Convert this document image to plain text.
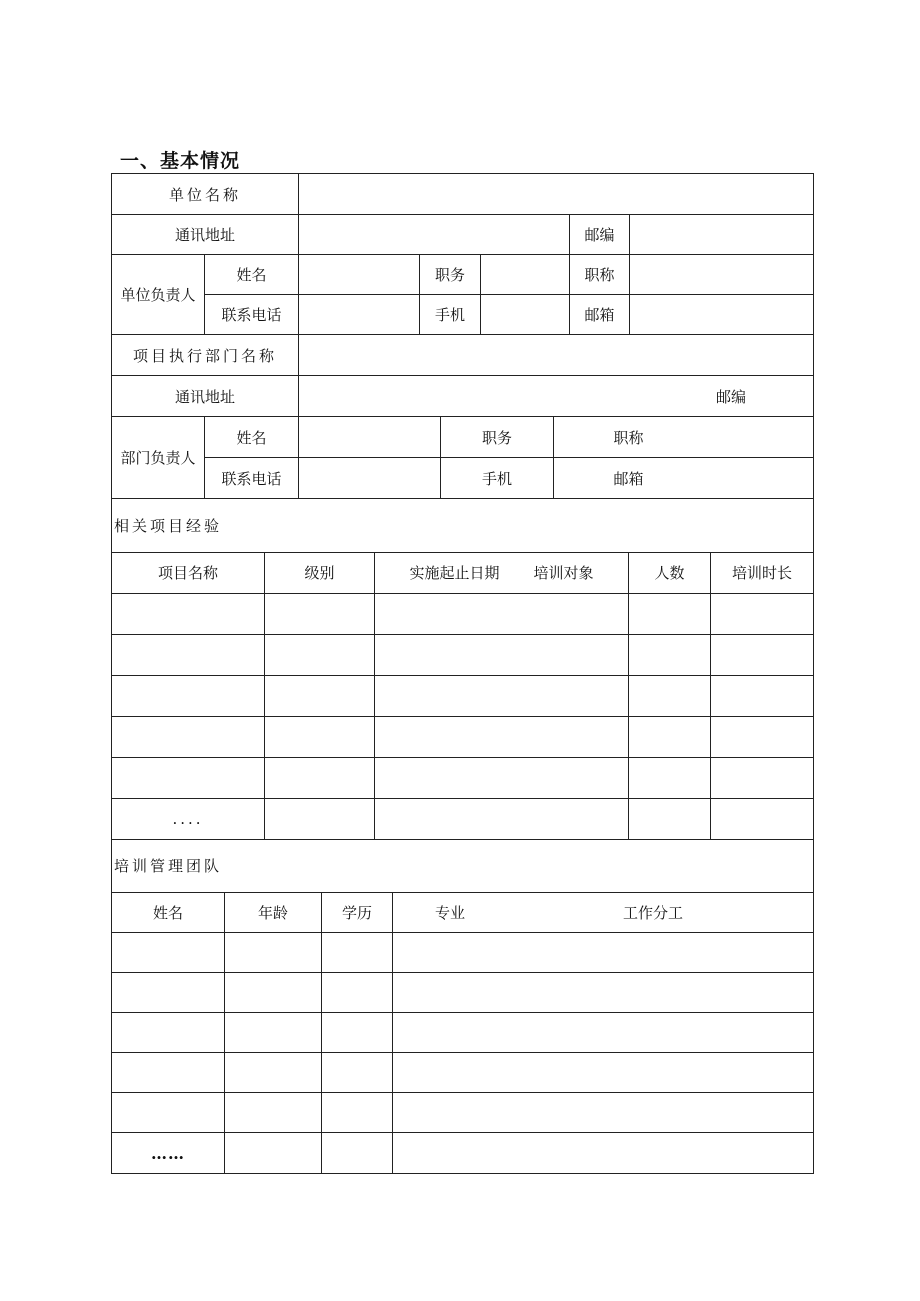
一、基本情况
单位名称								
通讯地址							邮编	
单位负责人	姓名		职务				职称	
	联系电话		手机				邮箱	
项目执行部门名称								
通讯地址		邮编						
部门负责人	姓名			职务		职称		
	联系电话			手机		邮箱		
相关项目经验				
项目名称	级别	实施起止日期 培训对象	人数	培训时长

....				
培训管理团队			
姓名	年龄	学历	专业 工作分工

……			
